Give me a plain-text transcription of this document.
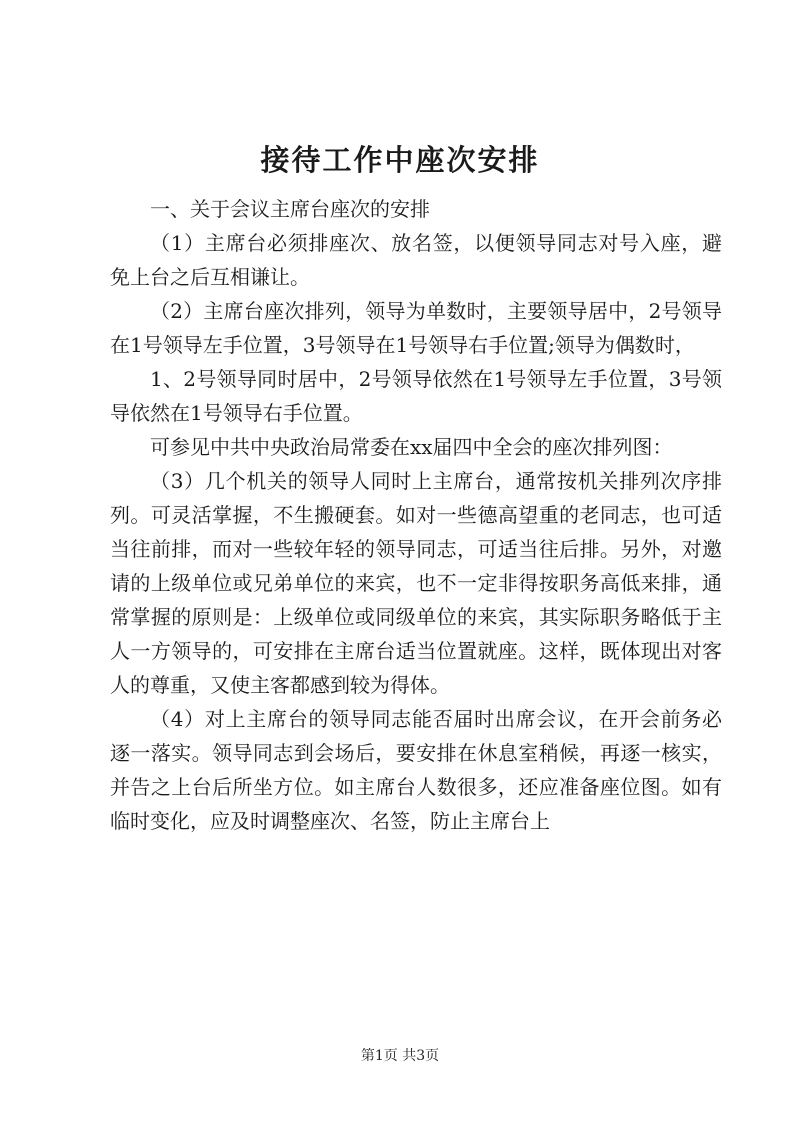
接待工作中座次安排

一、关于会议主席台座次的安排

（1）主席台必须排座次、放名签，以便领导同志对号入座，避免上台之后互相谦让。

（2）主席台座次排列，领导为单数时，主要领导居中，2号领导在1号领导左手位置，3号领导在1号领导右手位置;领导为偶数时，

1、2号领导同时居中，2号领导依然在1号领导左手位置，3号领导依然在1号领导右手位置。

可参见中共中央政治局常委在xx届四中全会的座次排列图：

（3）几个机关的领导人同时上主席台，通常按机关排列次序排列。可灵活掌握，不生搬硬套。如对一些德高望重的老同志，也可适当往前排，而对一些较年轻的领导同志，可适当往后排。另外，对邀请的上级单位或兄弟单位的来宾，也不一定非得按职务高低来排，通常掌握的原则是：上级单位或同级单位的来宾，其实际职务略低于主人一方领导的，可安排在主席台适当位置就座。这样，既体现出对客人的尊重，又使主客都感到较为得体。

（4）对上主席台的领导同志能否届时出席会议，在开会前务必逐一落实。领导同志到会场后，要安排在休息室稍候，再逐一核实，并告之上台后所坐方位。如主席台人数很多，还应准备座位图。如有临时变化，应及时调整座次、名签，防止主席台上

第1页 共3页
